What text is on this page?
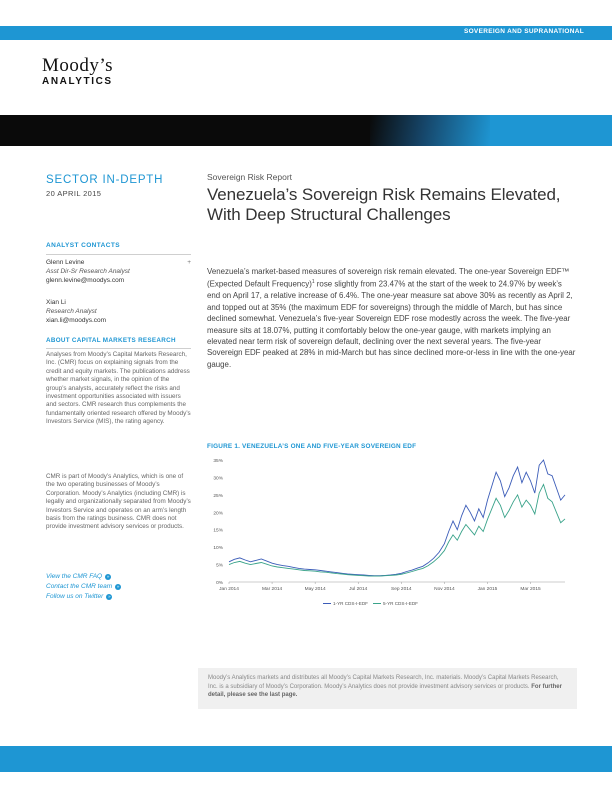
SOVEREIGN AND SUPRANATIONAL
Moody’s
ANALYTICS
SECTOR IN-DEPTH
20 APRIL 2015
ANALYST CONTACTS
Glenn Levine	+
Asst Dir-Sr Research Analyst
glenn.levine@moodys.com
Xian Li
Research Analyst
xian.li@moodys.com
ABOUT CAPITAL MARKETS RESEARCH
Analyses from Moody’s Capital Markets Research, Inc. (CMR) focus on explaining signals from the credit and equity markets. The publications address whether market signals, in the opinion of the group’s analysts, accurately reflect the risks and investment opportunities associated with issuers and sectors. CMR research thus complements the fundamentally oriented research offered by Moody’s Investors Service (MIS), the rating agency.
CMR is part of Moody’s Analytics, which is one of the two operating businesses of Moody’s Corporation. Moody’s Analytics (including CMR) is legally and organizationally separated from Moody’s Investors Service and operates on an arm’s length basis from the ratings business. CMR does not provide investment advisory services or products.
View the CMR FAQ	»
Contact the CMR team	»
Follow us on Twitter	»
Sovereign Risk Report
Venezuela’s Sovereign Risk Remains Elevated, With Deep Structural Challenges
Venezuela’s market-based measures of sovereign risk remain elevated. The one-year Sovereign EDF™ (Expected Default Frequency)$^1$ rose slightly from 23.47% at the start of the week to 24.97% by week’s end on April 17, a relative increase of 6.4%. The one-year measure sat above 30% as recently as April 2, and topped out at 35% (the maximum EDF for sovereigns) through the middle of March, but has since declined somewhat. Venezuela’s five-year Sovereign EDF rose modestly across the week. The five-year measure sits at 18.07%, putting it comfortably below the one-year gauge, with markets implying an elevated near term risk of sovereign default, declining over the next several years. The five-year Sovereign EDF peaked at 28% in mid-March but has since declined more-or-less in line with the one-year gauge.
FIGURE 1. VENEZUELA’S ONE AND FIVE-YEAR SOVEREIGN EDF
0%
5%
10%
15%
20%
25%
30%
35%
Jan 2014	Mar 2014	May 2014	Jul 2014	Sep 2014	Nov 2014	Jan 2015	Mar 2015
1-YR CDS-I-EDF	5-YR CDS-I-EDF
Moody’s Analytics markets and distributes all Moody’s Capital Markets Research, Inc. materials. Moody’s Capital Markets Research, Inc. is a subsidiary of Moody’s Corporation. Moody’s Analytics does not provide investment advisory services or products. For further detail, please see the last page.
